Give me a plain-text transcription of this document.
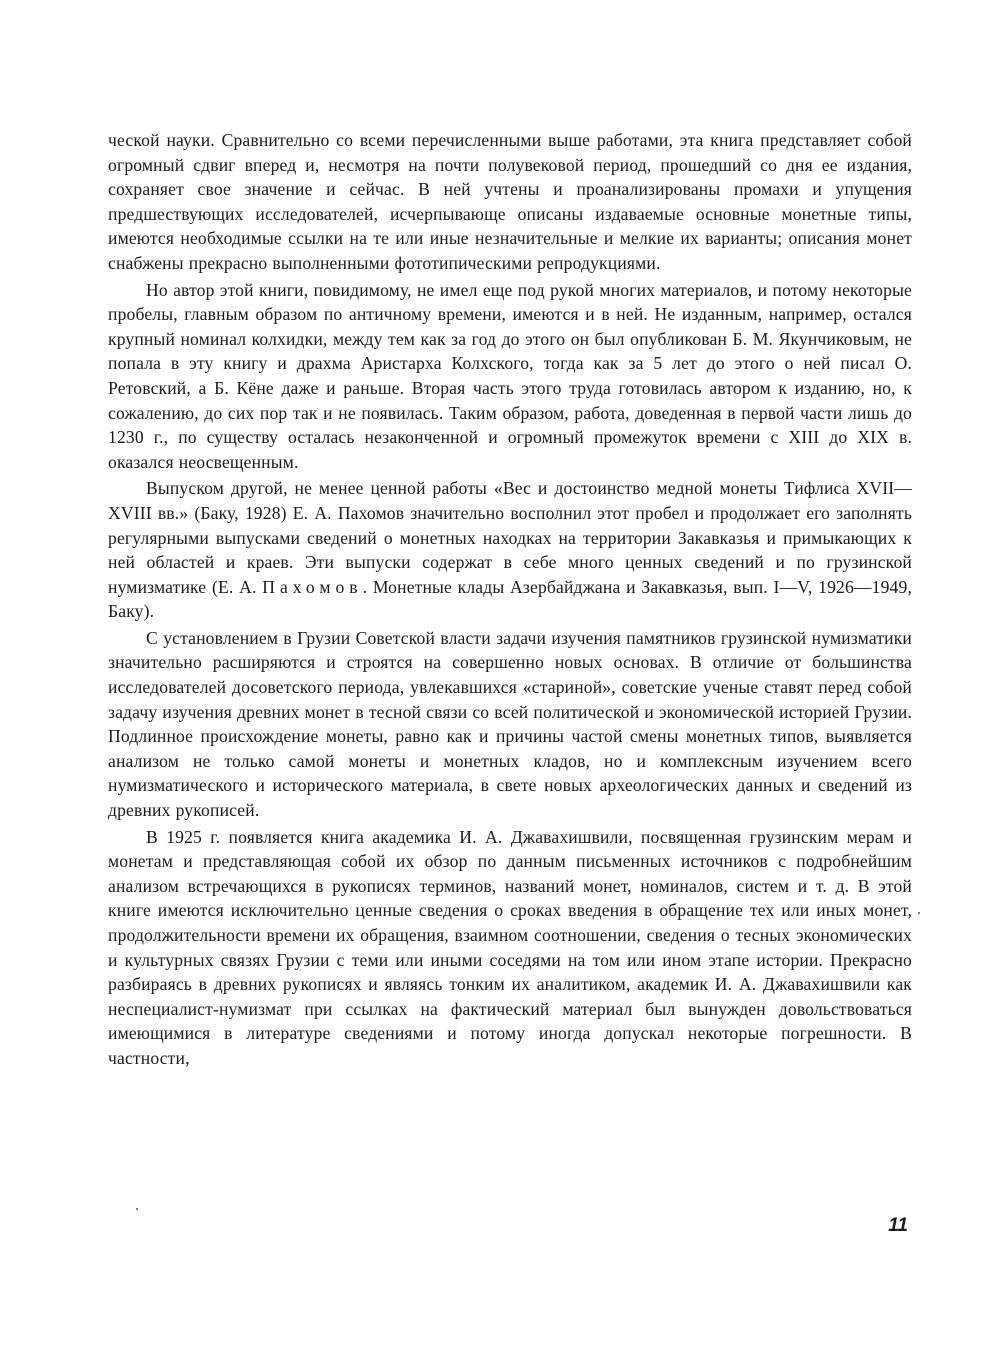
ческой науки. Сравнительно со всеми перечисленными выше работами, эта книга представляет собой огромный сдвиг вперед и, несмотря на почти полувековой период, прошедший со дня ее издания, сохраняет свое значение и сейчас. В ней учтены и проанализированы промахи и упущения предшествующих исследователей, исчерпывающе описаны издаваемые основные монетные типы, имеются необходимые ссылки на те или иные незначительные и мелкие их варианты; описания монет снабжены прекрасно выполненными фототипическими репродукциями.

Но автор этой книги, повидимому, не имел еще под рукой многих материалов, и потому некоторые пробелы, главным образом по античному времени, имеются и в ней. Не изданным, например, остался крупный номинал колхидки, между тем как за год до этого он был опубликован Б. М. Якунчиковым, не попала в эту книгу и драхма Аристарха Колхского, тогда как за 5 лет до этого о ней писал О. Ретовский, а Б. Кёне даже и раньше. Вторая часть этого труда готовилась автором к изданию, но, к сожалению, до сих пор так и не появилась. Таким образом, работа, доведенная в первой части лишь до 1230 г., по существу осталась незаконченной и огромный промежуток времени с XIII до XIX в. оказался неосвещенным.

Выпуском другой, не менее ценной работы «Вес и достоинство медной монеты Тифлиса XVII—XVIII вв.» (Баку, 1928) Е. А. Пахомов значительно восполнил этот пробел и продолжает его заполнять регулярными выпусками сведений о монетных находках на территории Закавказья и примыкающих к ней областей и краев. Эти выпуски содержат в себе много ценных сведений и по грузинской нумизматике (Е. А. Пахомов. Монетные клады Азербайджана и Закавказья, вып. I—V, 1926—1949, Баку).

С установлением в Грузии Советской власти задачи изучения памятников грузинской нумизматики значительно расширяются и строятся на совершенно новых основах. В отличие от большинства исследователей досоветского периода, увлекавшихся «стариной», советские ученые ставят перед собой задачу изучения древних монет в тесной связи со всей политической и экономической историей Грузии. Подлинное происхождение монеты, равно как и причины частой смены монетных типов, выявляется анализом не только самой монеты и монетных кладов, но и комплексным изучением всего нумизматического и исторического материала, в свете новых археологических данных и сведений из древних рукописей.

В 1925 г. появляется книга академика И. А. Джавахишвили, посвященная грузинским мерам и монетам и представляющая собой их обзор по данным письменных источников с подробнейшим анализом встречающихся в рукописях терминов, названий монет, номиналов, систем и т. д. В этой книге имеются исключительно ценные сведения о сроках введения в обращение тех или иных монет, продолжительности времени их обращения, взаимном соотношении, сведения о тесных экономических и культурных связях Грузии с теми или иными соседями на том или ином этапе истории. Прекрасно разбираясь в древних рукописях и являясь тонким их аналитиком, академик И. А. Джавахишвили как неспециалист-нумизмат при ссылках на фактический материал был вынужден довольствоваться имеющимися в литературе сведениями и потому иногда допускал некоторые погрешности. В частности,

11
